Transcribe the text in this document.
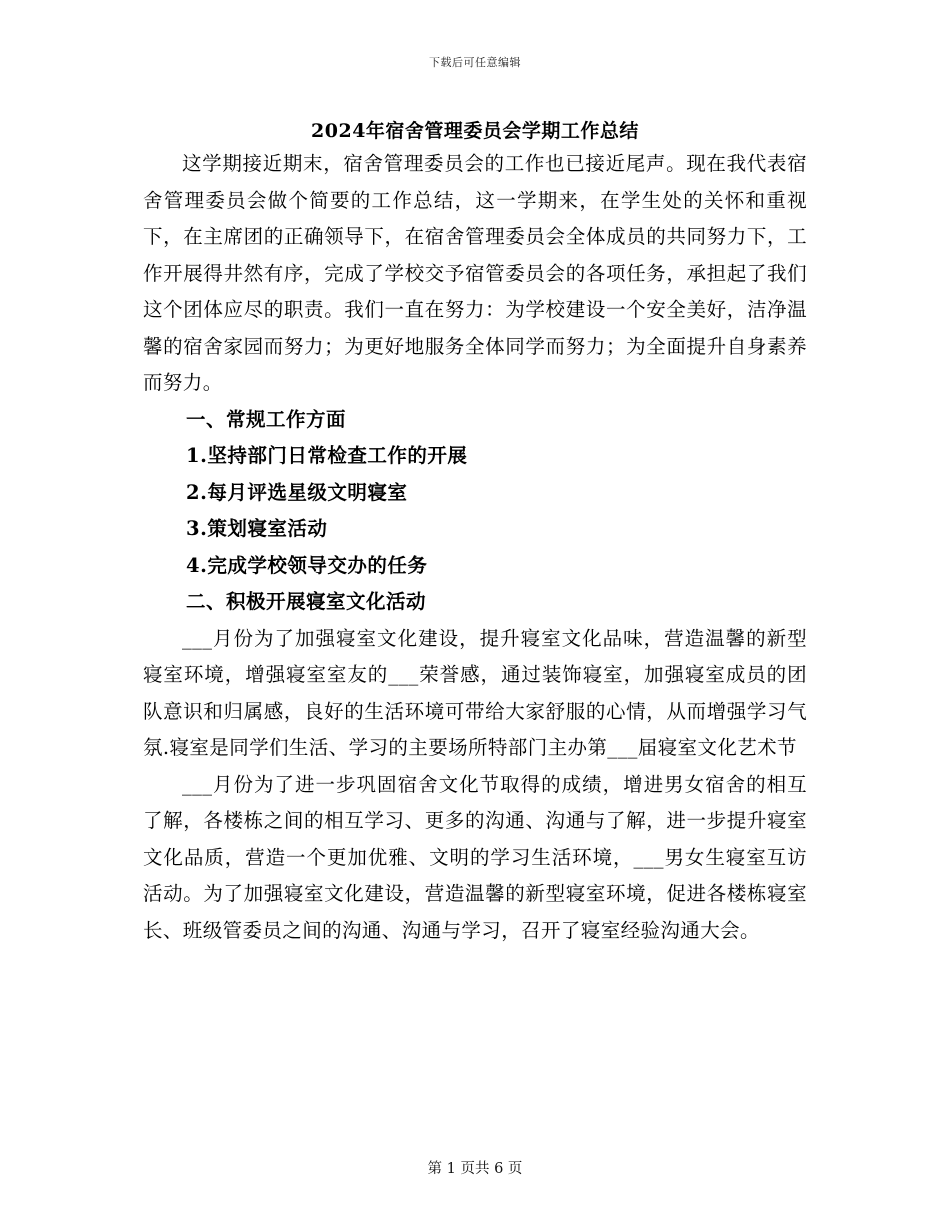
下载后可任意编辑
2024年宿舍管理委员会学期工作总结

这学期接近期末，宿舍管理委员会的工作也已接近尾声。现在我代表宿舍管理委员会做个简要的工作总结，这一学期来，在学生处的关怀和重视下，在主席团的正确领导下，在宿舍管理委员会全体成员的共同努力下，工作开展得井然有序，完成了学校交予宿管委员会的各项任务，承担起了我们这个团体应尽的职责。我们一直在努力：为学校建设一个安全美好，洁净温馨的宿舍家园而努力；为更好地服务全体同学而努力；为全面提升自身素养而努力。

一、常规工作方面

1.坚持部门日常检查工作的开展

2.每月评选星级文明寝室

3.策划寝室活动

4.完成学校领导交办的任务

二、积极开展寝室文化活动

___月份为了加强寝室文化建设，提升寝室文化品味，营造温馨的新型寝室环境，增强寝室室友的___荣誉感，通过装饰寝室，加强寝室成员的团队意识和归属感，良好的生活环境可带给大家舒服的心情，从而增强学习气氛.寝室是同学们生活、学习的主要场所特部门主办第___届寝室文化艺术节

___月份为了进一步巩固宿舍文化节取得的成绩，增进男女宿舍的相互了解，各楼栋之间的相互学习、更多的沟通、沟通与了解，进一步提升寝室文化品质，营造一个更加优雅、文明的学习生活环境，___男女生寝室互访活动。为了加强寝室文化建设，营造温馨的新型寝室环境，促进各楼栋寝室长、班级管委员之间的沟通、沟通与学习，召开了寝室经验沟通大会。

第 1 页共 6 页
